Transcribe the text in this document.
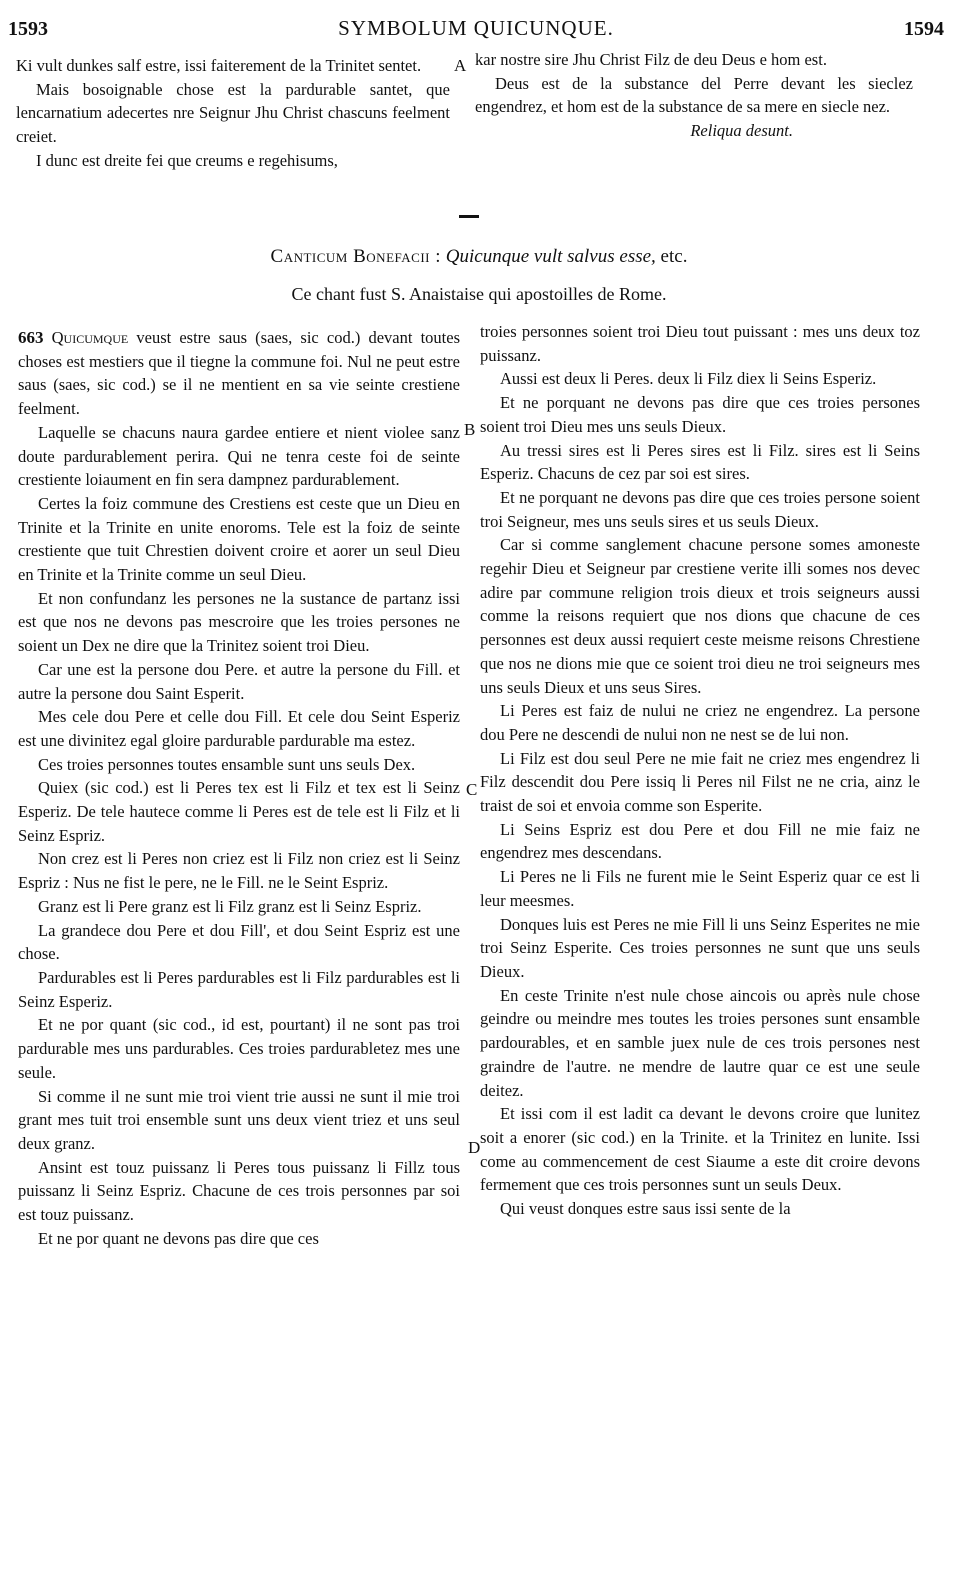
1593	SYMBOLUM QUICUNQUE.	1594

Ki vult dunkes salf estre, issi faiterement de la Trinitet sentet.

Mais bosoignable chose est la pardurable santet, que lencarnatium adecertes nre Seignur Jhu Christ chascuns feelment creiet.

I dunc est dreite fei que creums e regehisums,

A kar nostre sire Jhu Christ Filz de deu Deus e hom est.

Deus est de la substance del Perre devant les sieclez engendrez, et hom est de la substance de sa mere en siecle nez.

Reliqua desunt.

Canticum Bonefacii : Quicunque vult salvus esse, etc.
Ce chant fust S. Anaistaise qui apostoilles de Rome.

663 Quicumque veust estre saus (saes, sic cod.) devant toutes choses est mestiers que il tiegne la commune foi. Nul ne peut estre saus (saes, sic cod.) se il ne mentient en sa vie seinte crestiene feelment.

Laquelle se chacuns naura gardee entiere et nient violee sanz doute pardurablement perira. Qui ne tenra ceste foi de seinte crestiente loiaument en fin sera dampnez pardurablement.

Certes la foiz commune des Crestiens est ceste que un Dieu en Trinite et la Trinite en unite enoroms. Tele est la foiz de seinte crestiente que tuit Chrestien doivent croire et aorer un seul Dieu en Trinite et la Trinite comme un seul Dieu.

Et non confundanz les persones ne la sustance de partanz issi est que nos ne devons pas mescroire que les troies persones ne soient un Dex ne dire que la Trinitez soient troi Dieu.

Car une est la persone dou Pere. et autre la persone du Fill. et autre la persone dou Saint Esperit.

Mes cele dou Pere et celle dou Fill. Et cele dou Seint Esperiz est une divinitez egal gloire pardurable pardurable ma estez.

Ces troies personnes toutes ensamble sunt uns seuls Dex.

Quiex (sic cod.) est li Peres tex est li Filz et tex est li Seinz Esperiz. De tele hautece comme li Peres est de tele est li Filz et li Seinz Espriz.

Non crez est li Peres non criez est li Filz non criez est li Seinz Espriz : Nus ne fist le pere, ne le Fill. ne le Seint Espriz.

Granz est li Pere granz est li Filz granz est li Seinz Espriz.

La grandece dou Pere et dou Fill', et dou Seint Espriz est une chose.

Pardurables est li Peres pardurables est li Filz pardurables est li Seinz Esperiz.

Et ne por quant (sic cod., id est, pourtant) il ne sont pas troi pardurable mes uns pardurables. Ces troies pardurabletez mes une seule.

Si comme il ne sunt mie troi vient trie aussi ne sunt il mie troi grant mes tuit troi ensemble sunt uns deux vient triez et uns seul deux granz.

Ansint est touz puissanz li Peres tous puissanz li Fillz tous puissanz li Seinz Espriz. Chacune de ces trois personnes par soi est touz puissanz.

Et ne por quant ne devons pas dire que ces

B
C
D

troies personnes soient troi Dieu tout puissant : mes uns deux toz puissanz.

Aussi est deux li Peres. deux li Filz diex li Seins Esperiz.

Et ne porquant ne devons pas dire que ces troies persones soient troi Dieu mes uns seuls Dieux.

Au tressi sires est li Peres sires est li Filz. sires est li Seins Esperiz. Chacuns de cez par soi est sires.

Et ne porquant ne devons pas dire que ces troies persone soient troi Seigneur, mes uns seuls sires et us seuls Dieux.

Car si comme sanglement chacune persone somes amoneste regehir Dieu et Seigneur par crestiene verite illi somes nos devec adire par commune religion trois dieux et trois seigneurs aussi comme la reisons requiert que nos dions que chacune de ces personnes est deux aussi requiert ceste meisme reisons Chrestiene que nos ne dions mie que ce soient troi dieu ne troi seigneurs mes uns seuls Dieux et uns seus Sires.

Li Peres est faiz de nului ne criez ne engendrez. La persone dou Pere ne descendi de nului non ne nest se de lui non.

Li Filz est dou seul Pere ne mie fait ne criez mes engendrez li Filz descendit dou Pere issiq li Peres nil Filst ne ne cria, ainz le traist de soi et envoia comme son Esperite.

Li Seins Espriz est dou Pere et dou Fill ne mie faiz ne engendrez mes descendans.

Li Peres ne li Fils ne furent mie le Seint Esperiz quar ce est li leur meesmes.

Donques luis est Peres ne mie Fill li uns Seinz Esperites ne mie troi Seinz Esperite. Ces troies personnes ne sunt que uns seuls Dieux.

En ceste Trinite n'est nule chose aincois ou après nule chose geindre ou meindre mes toutes les troies persones sunt ensamble pardourables, et en samble juex nule de ces trois persones nest graindre de l'autre. ne mendre de lautre quar ce est une seule deitez.

Et issi com il est ladit ca devant le devons croire que lunitez soit a enorer (sic cod.) en la Trinite. et la Trinitez en lunite. Issi come au commencement de cest Siaume a este dit croire devons fermement que ces trois personnes sunt un seuls Deux.

Qui veust donques estre saus issi sente de la
